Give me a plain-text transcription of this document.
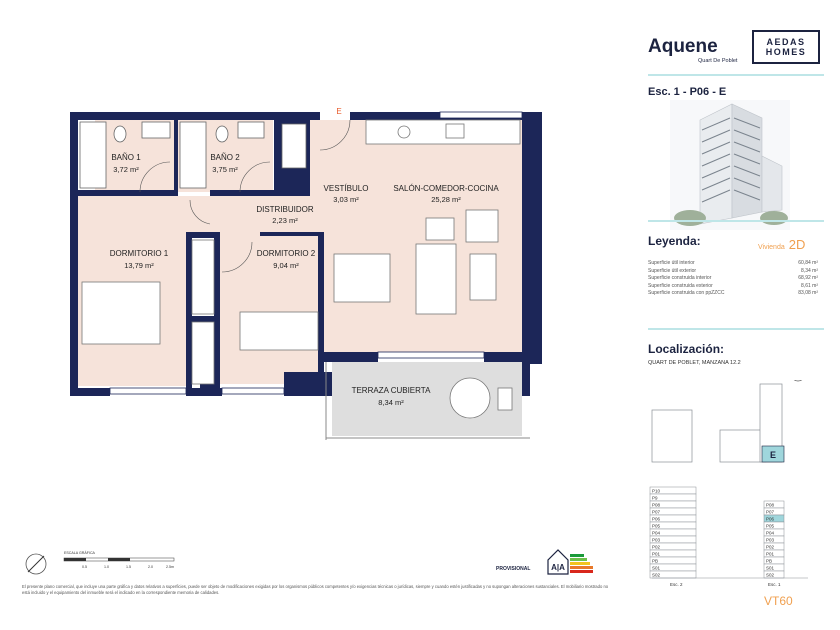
E
BAÑO 1
3,72 m²
BAÑO 2
3,75 m²
VESTÍBULO
3,03 m²
SALÓN-COMEDOR-COCINA
25,28 m²
DISTRIBUIDOR
2,23 m²
DORMITORIO 1
13,79 m²
DORMITORIO 2
9,04 m²
TERRAZA CUBIERTA
8,34 m²
ESCALA GRÁFICA
0.5	1.0	1.5	2.0	2.5m	PROVISIONAL	A|A
El presente plano comercial, que incluye una parte gráfica y datos relativos a superficies, puede ser objeto de modificaciones exigidas por los organismos públicos competentes y/o exigencias técnicas o jurídicas, siempre y cuando estén justificadas y no supongan alteraciones sustanciales. El mobiliario mostrado no está incluido y el equipamiento del inmueble será el indicado en la correspondiente memoria de calidades.
Aquene
Quart De Poblet
AEDAS
HOMES
Esc. 1 - P06 - E
Leyenda:	Vivienda 2D
Superficie útil interior	60,84 m²
Superficie útil exterior	8,34 m²
Superficie construida interior	68,92 m²
Superficie construida exterior	8,61 m²
Superficie construida con ppZZCC	83,08 m²
Localización:
QUART DE POBLET, MANZANA 12.2
E
P10
P9
P08
P07
P06
P05
P04
P03
P02
P01
PB
S01
S02
P08
P07
P06
P05
P04
P03
P02
P01
PB
S01
S02
Esc. 2	Esc. 1
VT60
